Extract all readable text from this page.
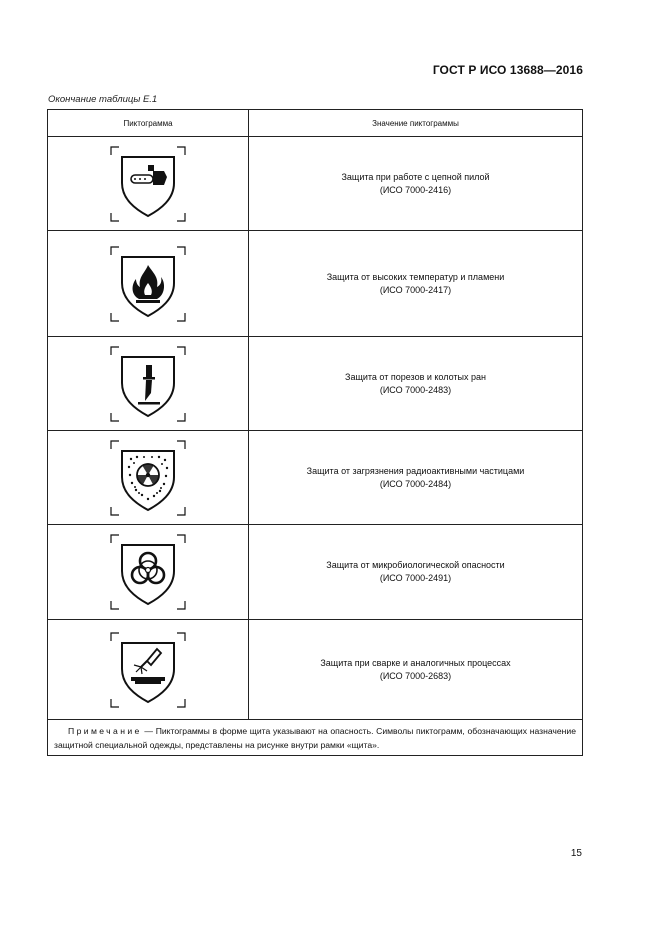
ГОСТ Р ИСО 13688—2016
Окончание таблицы Е.1
Пиктограмма	Значение пиктограммы

Защита при работе с цепной пилой
(ИСО 7000-2416)

Защита от высоких температур и пламени
(ИСО 7000-2417)

Защита от порезов и колотых ран
(ИСО 7000-2483)

Защита от загрязнения радиоактивными частицами
(ИСО 7000-2484)

Защита от микробиологической опасности
(ИСО 7000-2491)

Защита при сварке и аналогичных процессах
(ИСО 7000-2683)

Примечание — Пиктограммы в форме щита указывают на опасность. Символы пиктограмм, обозначающих назначение защитной специальной одежды, представлены на рисунке внутри рамки «щита».	
15
